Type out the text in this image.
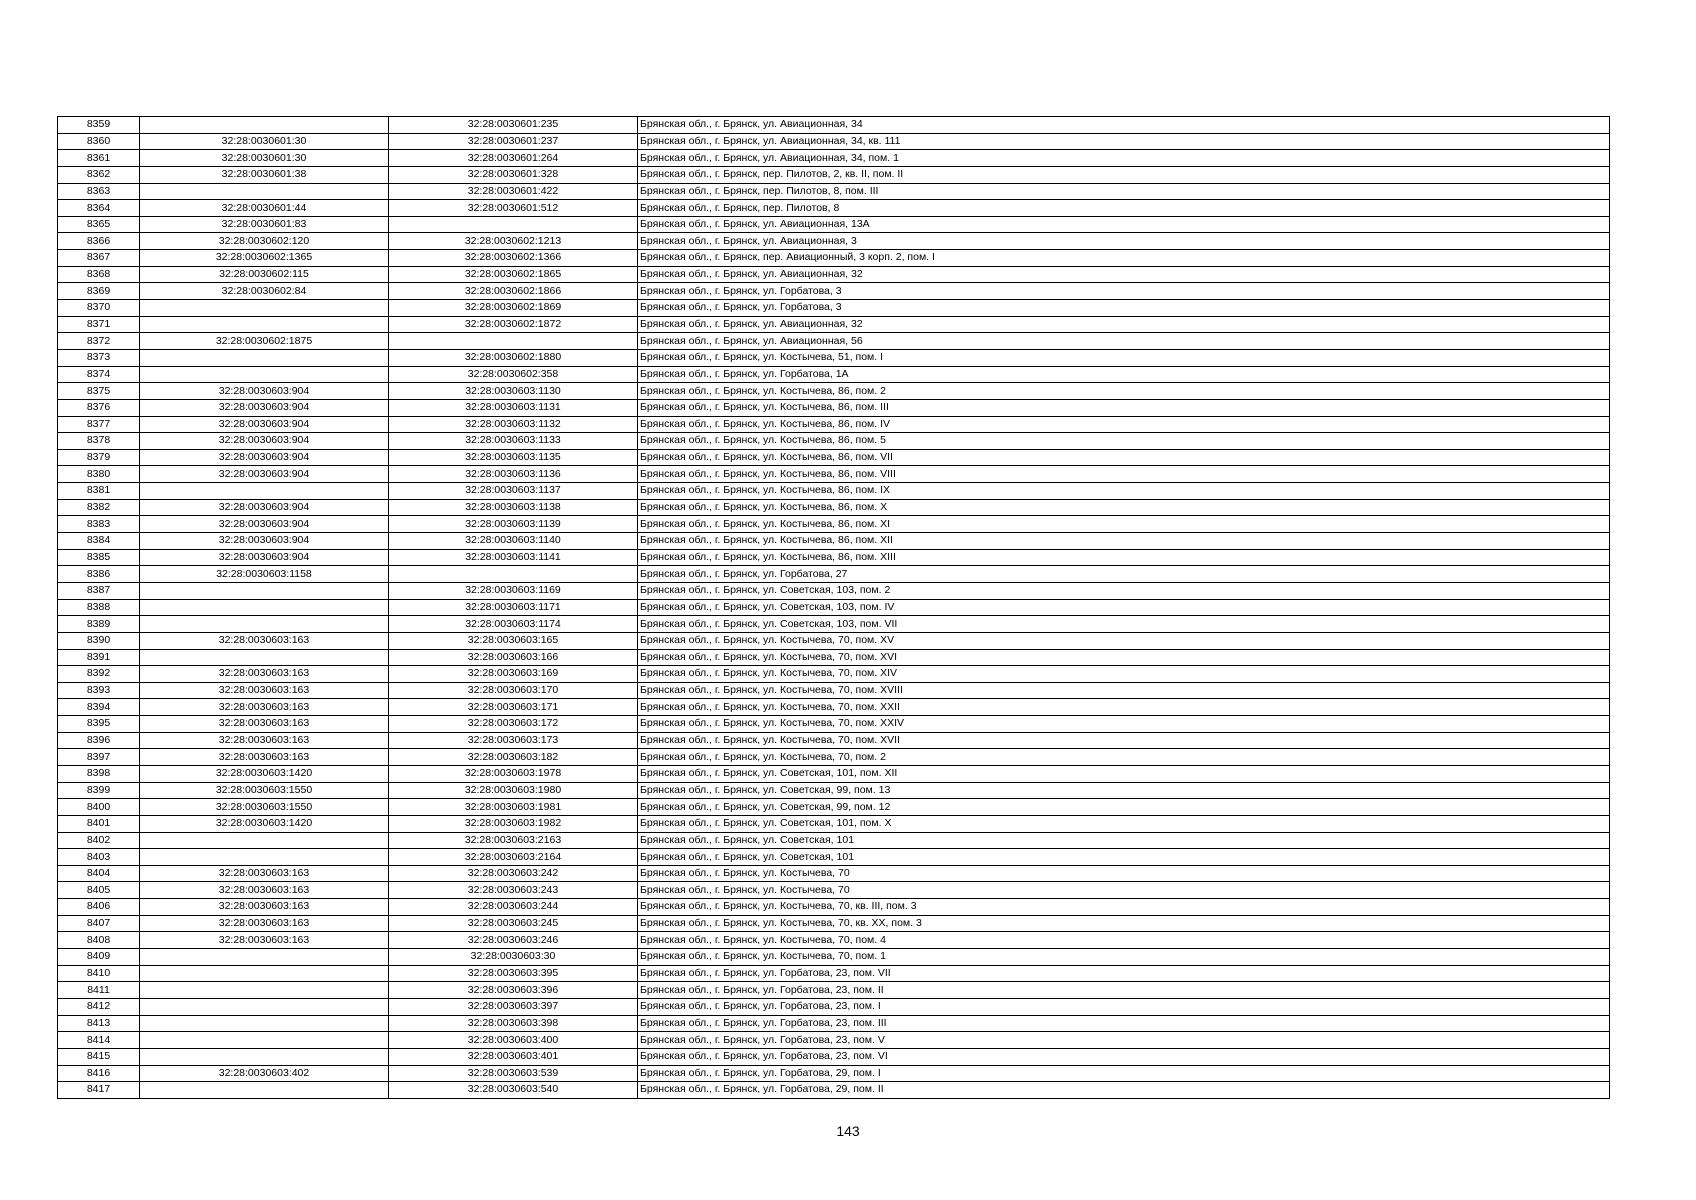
8359		32:28:0030601:235	Брянская обл., г. Брянск, ул. Авиационная, 34
8360	32:28:0030601:30	32:28:0030601:237	Брянская обл., г. Брянск, ул. Авиационная, 34, кв. 111
8361	32:28:0030601:30	32:28:0030601:264	Брянская обл., г. Брянск, ул. Авиационная, 34, пом. 1
8362	32:28:0030601:38	32:28:0030601:328	Брянская обл., г. Брянск, пер. Пилотов, 2, кв. II, пом. II
8363		32:28:0030601:422	Брянская обл., г. Брянск, пер. Пилотов, 8, пом. III
8364	32:28:0030601:44	32:28:0030601:512	Брянская обл., г. Брянск, пер. Пилотов, 8
8365	32:28:0030601:83		Брянская обл., г. Брянск, ул. Авиационная, 13А
8366	32:28:0030602:120	32:28:0030602:1213	Брянская обл., г. Брянск, ул. Авиационная, 3
8367	32:28:0030602:1365	32:28:0030602:1366	Брянская обл., г. Брянск, пер. Авиационный, 3 корп. 2, пом. I
8368	32:28:0030602:115	32:28:0030602:1865	Брянская обл., г. Брянск, ул. Авиационная, 32
8369	32:28:0030602:84	32:28:0030602:1866	Брянская обл., г. Брянск, ул. Горбатова, 3
8370		32:28:0030602:1869	Брянская обл., г. Брянск, ул. Горбатова, 3
8371		32:28:0030602:1872	Брянская обл., г. Брянск, ул. Авиационная, 32
8372	32:28:0030602:1875		Брянская обл., г. Брянск, ул. Авиационная, 56
8373		32:28:0030602:1880	Брянская обл., г. Брянск, ул. Костычева, 51, пом. I
8374		32:28:0030602:358	Брянская обл., г. Брянск, ул. Горбатова, 1А
8375	32:28:0030603:904	32:28:0030603:1130	Брянская обл., г. Брянск, ул. Костычева, 86, пом. 2
8376	32:28:0030603:904	32:28:0030603:1131	Брянская обл., г. Брянск, ул. Костычева, 86, пом. III
8377	32:28:0030603:904	32:28:0030603:1132	Брянская обл., г. Брянск, ул. Костычева, 86, пом. IV
8378	32:28:0030603:904	32:28:0030603:1133	Брянская обл., г. Брянск, ул. Костычева, 86, пом. 5
8379	32:28:0030603:904	32:28:0030603:1135	Брянская обл., г. Брянск, ул. Костычева, 86, пом. VII
8380	32:28:0030603:904	32:28:0030603:1136	Брянская обл., г. Брянск, ул. Костычева, 86, пом. VIII
8381		32:28:0030603:1137	Брянская обл., г. Брянск, ул. Костычева, 86, пом. IX
8382	32:28:0030603:904	32:28:0030603:1138	Брянская обл., г. Брянск, ул. Костычева, 86, пом. X
8383	32:28:0030603:904	32:28:0030603:1139	Брянская обл., г. Брянск, ул. Костычева, 86, пом. XI
8384	32:28:0030603:904	32:28:0030603:1140	Брянская обл., г. Брянск, ул. Костычева, 86, пом. XII
8385	32:28:0030603:904	32:28:0030603:1141	Брянская обл., г. Брянск, ул. Костычева, 86, пом. XIII
8386	32:28:0030603:1158		Брянская обл., г. Брянск, ул. Горбатова, 27
8387		32:28:0030603:1169	Брянская обл., г. Брянск, ул. Советская, 103, пом. 2
8388		32:28:0030603:1171	Брянская обл., г. Брянск, ул. Советская, 103, пом. IV
8389		32:28:0030603:1174	Брянская обл., г. Брянск, ул. Советская, 103, пом. VII
8390	32:28:0030603:163	32:28:0030603:165	Брянская обл., г. Брянск, ул. Костычева, 70, пом. XV
8391		32:28:0030603:166	Брянская обл., г. Брянск, ул. Костычева, 70, пом. XVI
8392	32:28:0030603:163	32:28:0030603:169	Брянская обл., г. Брянск, ул. Костычева, 70, пом. XIV
8393	32:28:0030603:163	32:28:0030603:170	Брянская обл., г. Брянск, ул. Костычева, 70, пом. XVIII
8394	32:28:0030603:163	32:28:0030603:171	Брянская обл., г. Брянск, ул. Костычева, 70, пом. XXII
8395	32:28:0030603:163	32:28:0030603:172	Брянская обл., г. Брянск, ул. Костычева, 70, пом. XXIV
8396	32:28:0030603:163	32:28:0030603:173	Брянская обл., г. Брянск, ул. Костычева, 70, пом. XVII
8397	32:28:0030603:163	32:28:0030603:182	Брянская обл., г. Брянск, ул. Костычева, 70, пом. 2
8398	32:28:0030603:1420	32:28:0030603:1978	Брянская обл., г. Брянск, ул. Советская, 101, пом. XII
8399	32:28:0030603:1550	32:28:0030603:1980	Брянская обл., г. Брянск, ул. Советская, 99, пом. 13
8400	32:28:0030603:1550	32:28:0030603:1981	Брянская обл., г. Брянск, ул. Советская, 99, пом. 12
8401	32:28:0030603:1420	32:28:0030603:1982	Брянская обл., г. Брянск, ул. Советская, 101, пом. X
8402		32:28:0030603:2163	Брянская обл., г. Брянск, ул. Советская, 101
8403		32:28:0030603:2164	Брянская обл., г. Брянск, ул. Советская, 101
8404	32:28:0030603:163	32:28:0030603:242	Брянская обл., г. Брянск, ул. Костычева, 70
8405	32:28:0030603:163	32:28:0030603:243	Брянская обл., г. Брянск, ул. Костычева, 70
8406	32:28:0030603:163	32:28:0030603:244	Брянская обл., г. Брянск, ул. Костычева, 70, кв. III, пом. 3
8407	32:28:0030603:163	32:28:0030603:245	Брянская обл., г. Брянск, ул. Костычева, 70, кв. XX, пом. 3
8408	32:28:0030603:163	32:28:0030603:246	Брянская обл., г. Брянск, ул. Костычева, 70, пом. 4
8409		32:28:0030603:30	Брянская обл., г. Брянск, ул. Костычева, 70, пом. 1
8410		32:28:0030603:395	Брянская обл., г. Брянск, ул. Горбатова, 23, пом. VII
8411		32:28:0030603:396	Брянская обл., г. Брянск, ул. Горбатова, 23, пом. II
8412		32:28:0030603:397	Брянская обл., г. Брянск, ул. Горбатова, 23, пом. I
8413		32:28:0030603:398	Брянская обл., г. Брянск, ул. Горбатова, 23, пом. III
8414		32:28:0030603:400	Брянская обл., г. Брянск, ул. Горбатова, 23, пом. V
8415		32:28:0030603:401	Брянская обл., г. Брянск, ул. Горбатова, 23, пом. VI
8416	32:28:0030603:402	32:28:0030603:539	Брянская обл., г. Брянск, ул. Горбатова, 29, пом. I
8417		32:28:0030603:540	Брянская обл., г. Брянск, ул. Горбатова, 29, пом. II
143
